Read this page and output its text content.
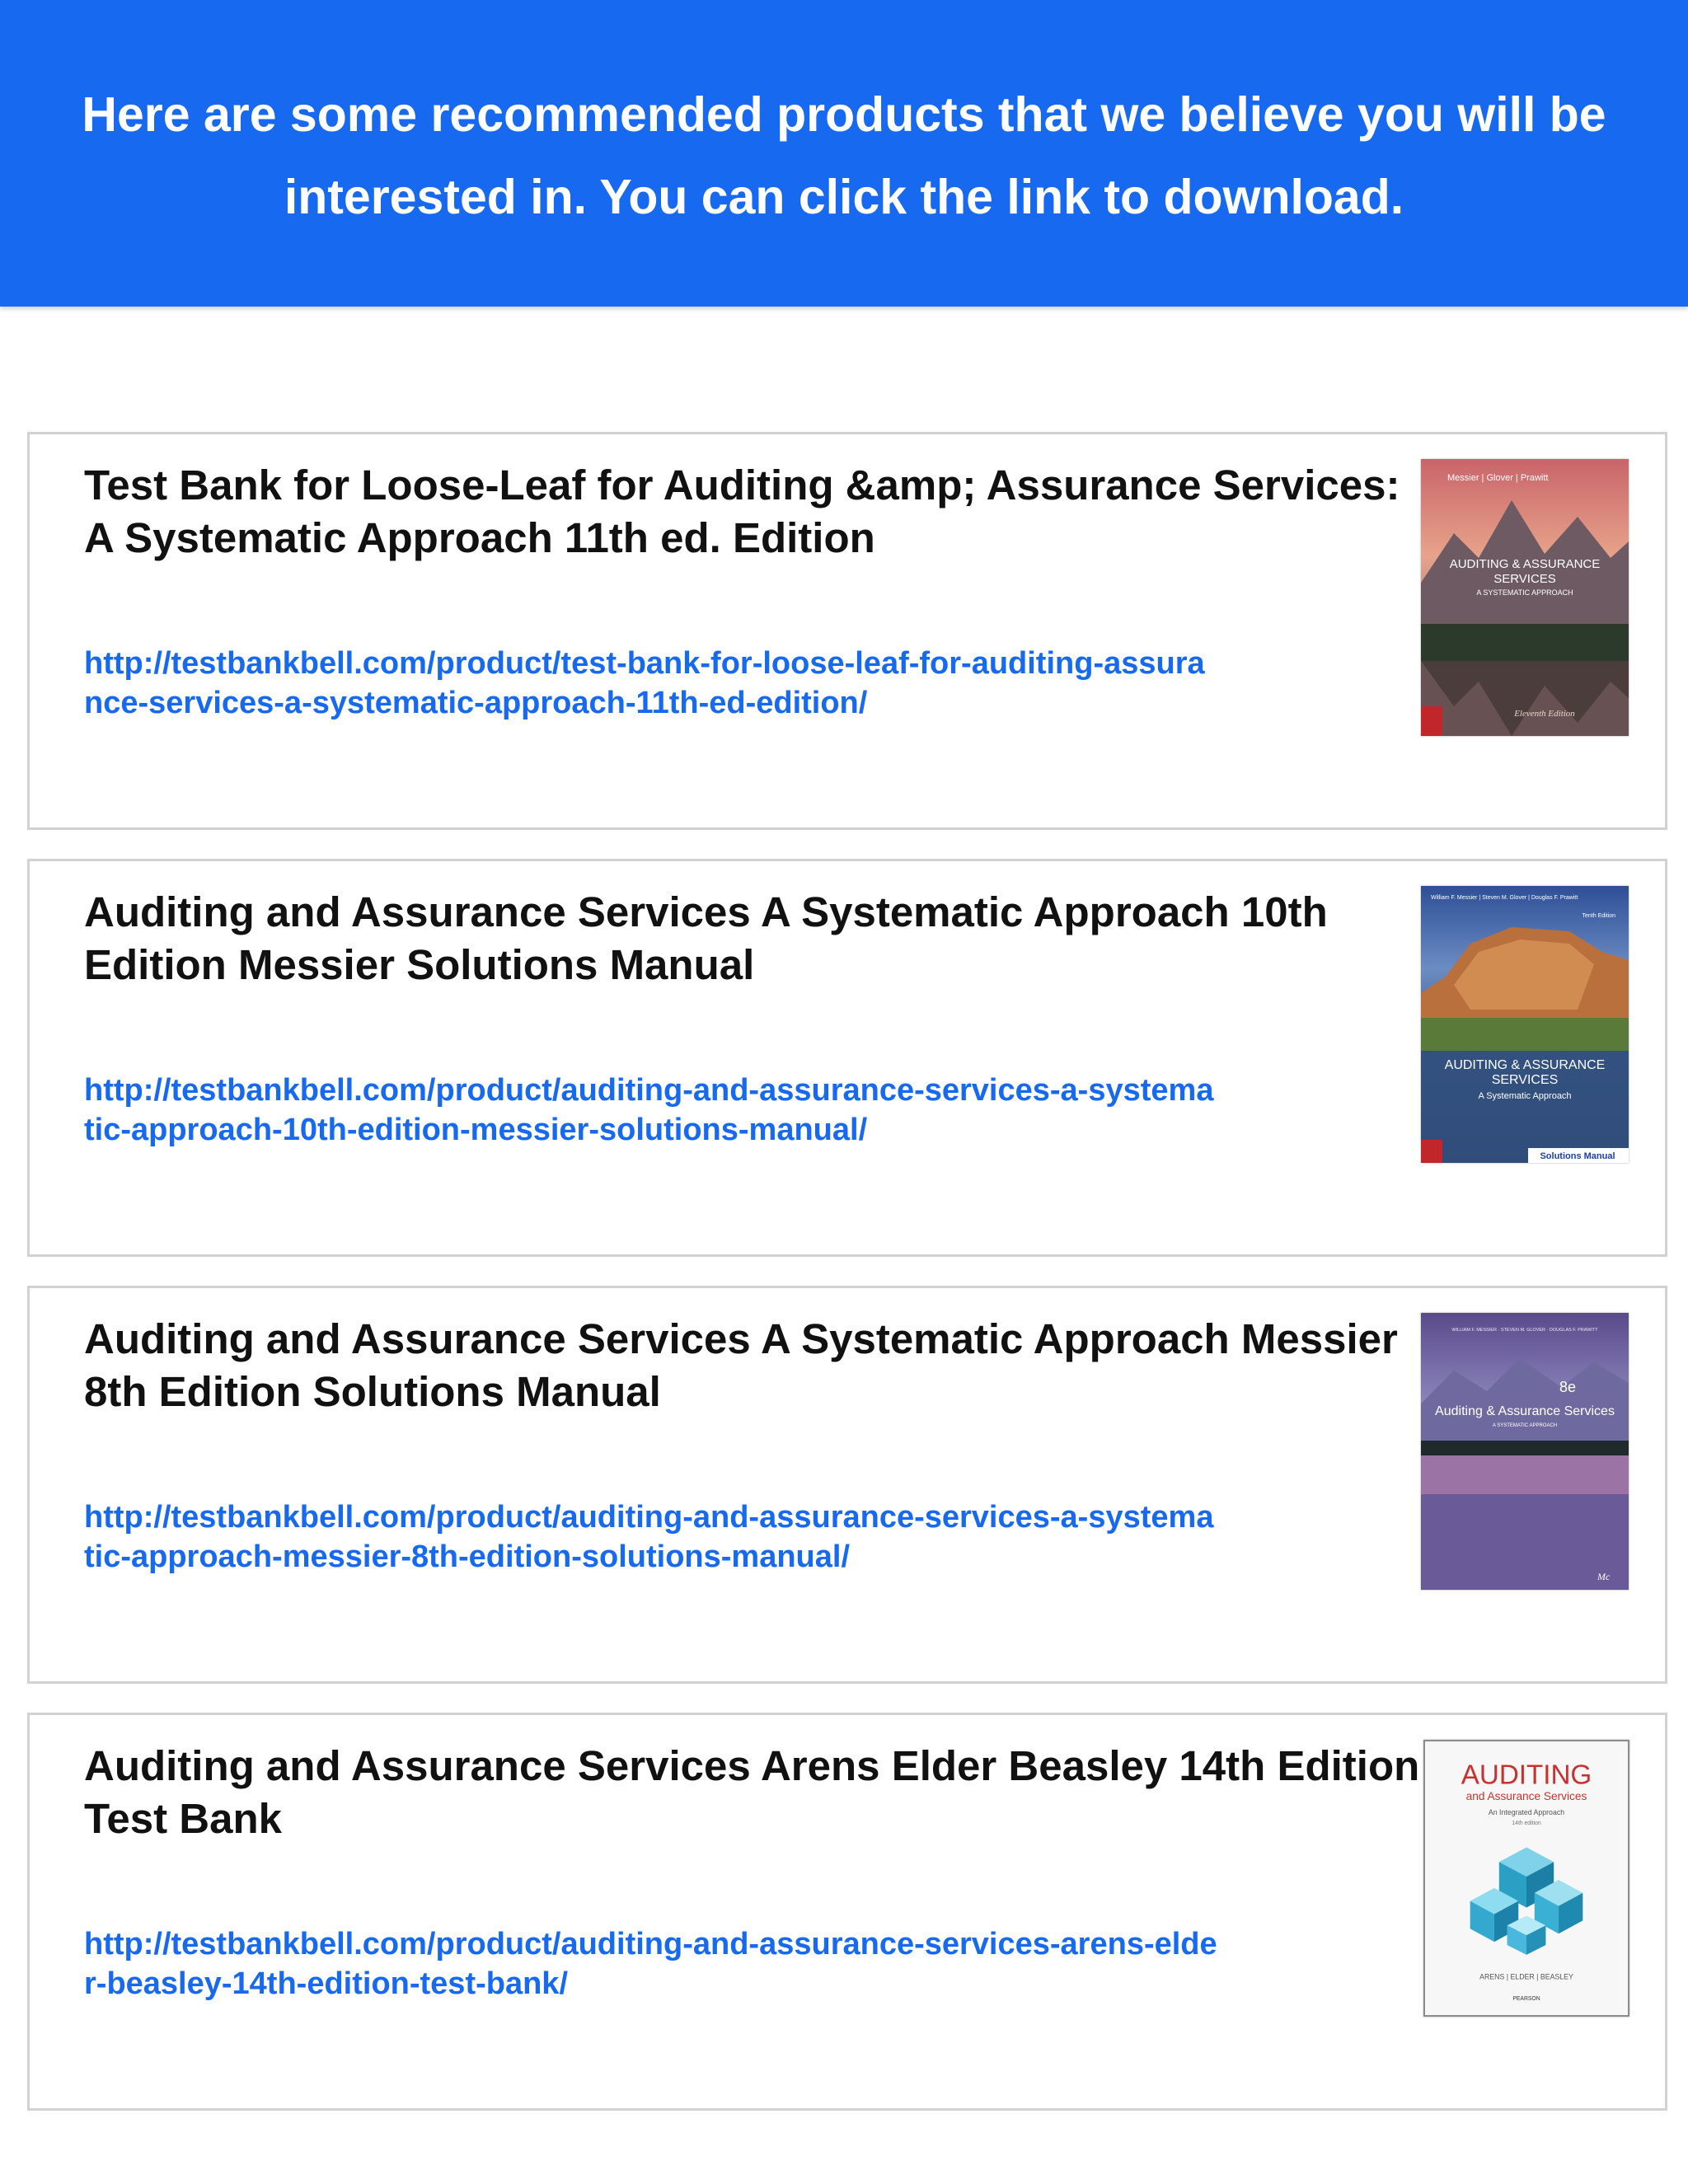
Here are some recommended products that we believe you will be interested in. You can click the link to download.
Test Bank for Loose-Leaf for Auditing &amp; Assurance Services: A Systematic Approach 11th ed. Edition
http://testbankbell.com/product/test-bank-for-loose-leaf-for-auditing-assurance-services-a-systematic-approach-11th-ed-edition/
Messier | Glover | Prawitt
AUDITING & ASSURANCE
SERVICES
A SYSTEMATIC APPROACH
Eleventh Edition
Auditing and Assurance Services A Systematic Approach 10th Edition Messier Solutions Manual
http://testbankbell.com/product/auditing-and-assurance-services-a-systematic-approach-10th-edition-messier-solutions-manual/
William F. Messier | Steven M. Glover | Douglas F. Prawitt
Tenth Edition
AUDITING & ASSURANCE
SERVICES
A Systematic Approach
Solutions Manual
Auditing and Assurance Services A Systematic Approach Messier 8th Edition Solutions Manual
http://testbankbell.com/product/auditing-and-assurance-services-a-systematic-approach-messier-8th-edition-solutions-manual/
WILLIAM F. MESSIER · STEVEN M. GLOVER · DOUGLAS F. PRAWITT
8e
Auditing & Assurance Services
A SYSTEMATIC APPROACH
Mc
Auditing and Assurance Services Arens Elder Beasley 14th Edition Test Bank
http://testbankbell.com/product/auditing-and-assurance-services-arens-elder-beasley-14th-edition-test-bank/
AUDITING
and Assurance Services
An Integrated Approach
14th edition
ARENS | ELDER | BEASLEY
PEARSON
